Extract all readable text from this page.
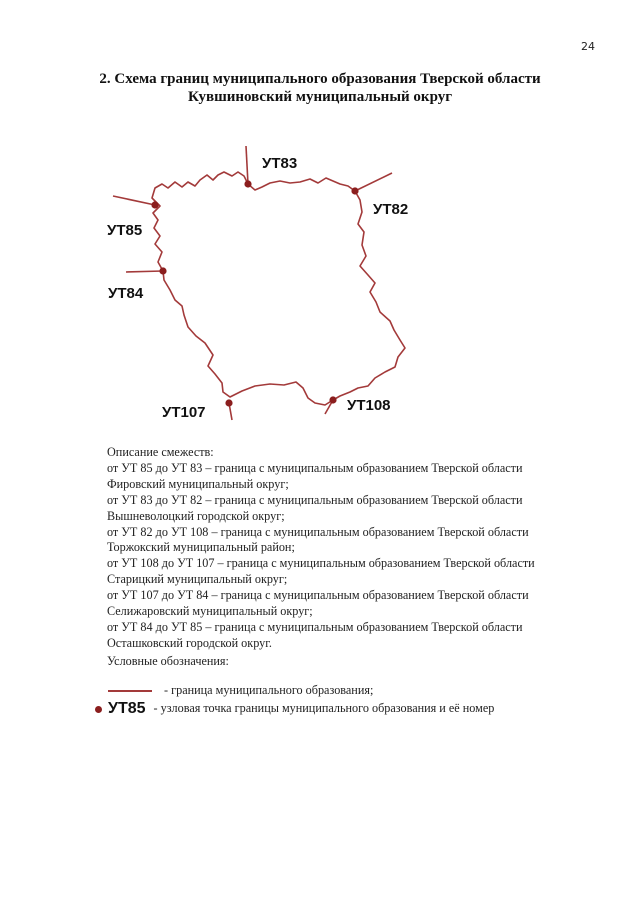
24
2. Схема границ муниципального образования Тверской области
Кувшиновский муниципальный округ
УТ83
УТ82
УТ85
УТ84
УТ107	УТ108
Описание смежеств:
от УТ 85 до УТ 83 – граница с муниципальным образованием Тверской области
Фировский муниципальный округ;
от УТ 83 до УТ 82 – граница с муниципальным образованием Тверской области
Вышневолоцкий городской округ;
от УТ 82 до УТ 108 – граница с муниципальным образованием Тверской области
Торжокский муниципальный район;
от УТ 108 до УТ 107 – граница с муниципальным образованием Тверской области
Старицкий муниципальный округ;
от УТ 107 до УТ 84 – граница с муниципальным образованием Тверской области
Селижаровский муниципальный округ;
от УТ 84 до УТ 85 – граница с муниципальным образованием Тверской области
Осташковский городской округ.
Условные обозначения:
- граница муниципального образования;
УТ85 - узловая точка границы муниципального образования и её номер
